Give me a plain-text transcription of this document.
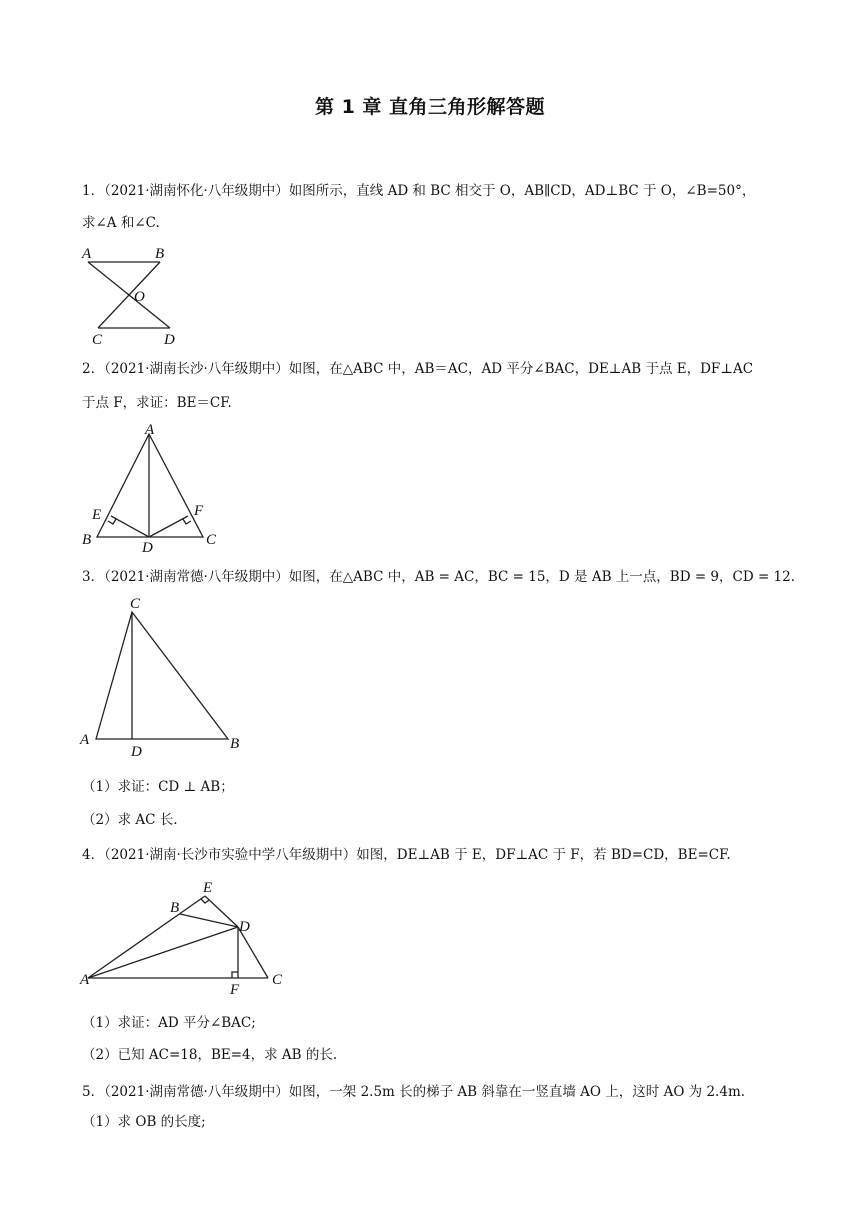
第 1 章 直角三角形解答题
1．（2021·湖南怀化·八年级期中）如图所示，直线 AD 和 BC 相交于 O，AB∥CD，AD⊥BC 于 O，∠B=50°，
求∠A 和∠C.
A	B
O
C	D
2．（2021·湖南长沙·八年级期中）如图，在△ABC 中，AB＝AC，AD 平分∠BAC，DE⊥AB 于点 E，DF⊥AC
于点 F，求证：BE＝CF.
A
E	F
B	D	C
3．（2021·湖南常德·八年级期中）如图，在△ABC 中，AB = AC，BC = 15，D 是 AB 上一点，BD = 9，CD = 12.
C
A
D	B
（1）求证：CD ⊥ AB；
（2）求 AC 长.
4．（2021·湖南·长沙市实验中学八年级期中）如图，DE⊥AB 于 E，DF⊥AC 于 F，若 BD=CD，BE=CF.
E
B
D
A
F
C
（1）求证：AD 平分∠BAC;
（2）已知 AC=18，BE=4，求 AB 的长.
5．（2021·湖南常德·八年级期中）如图，一架 2.5m 长的梯子 AB 斜靠在一竖直墙 AO 上，这时 AO 为 2.4m.
（1）求 OB 的长度;
